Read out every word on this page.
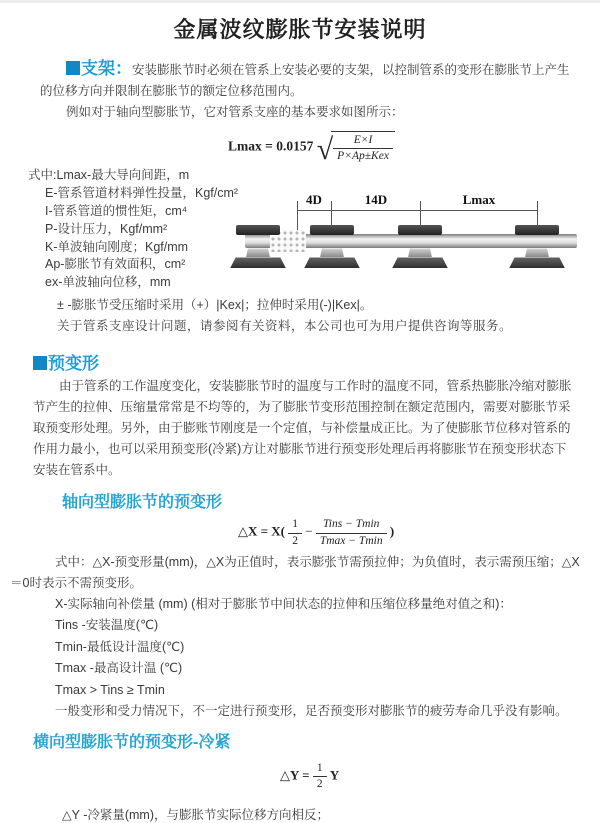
金属波纹膨胀节安装说明

支架：安装膨胀节时必须在管系上安装必要的支架，以控制管系的变形在膨胀节上产生的位移方向并限制在膨胀节的额定位移范围内。

例如对于轴向型膨胀节，它对管系支座的基本要求如图所示：

Lmax = 0.0157 √ $\frac{E\times I}{\text{P×Ap±Kex}}$
式中:Lmax-最大导向间距，m
E-管系管道材料弹性投量，Kgf/cm²
I-管系管道的惯性矩，cm⁴
P-设计压力，Kgf/mm²
K-单波轴向刚度；Kgf/mm
Ap-膨胀节有效面积，cm²
ex-单波轴向位移，mm
4D	14D	Lmax
± -膨胀节受压缩时采用（+）|Kex|；拉伸时采用(-)|Kex|。
关于管系支座设计问题，请参阅有关资料，本公司也可为用户提供咨询等服务。
预变形

由于管系的工作温度变化，安装膨胀节时的温度与工作时的温度不同，管系热膨胀冷缩对膨胀节产生的拉伸、压缩量常常是不均等的，为了膨胀节变形范围控制在额定范围内，需要对膨胀节采取预变形处理。另外，由于膨账节刚度是一个定值，与补偿量成正比。为了使膨胀节位移对管系的作用力最小，也可以采用预变形(冷紧)方让对膨胀节进行预变形处理后再将膨胀节在预变形状态下安装在管系中。

轴向型膨胀节的预变形
△X = $X( \frac{1}{2} - \frac{\text{Tins − Tmin}}{Tmax - Tmin}$ )
式中：△X-预变形量(mm)，△X为正值时，表示膨张节需预拉伸；为负值时，表示需预压缩；△X＝0时表示不需预变形。
X-实际轴向补偿量 (mm) (相对于膨胀节中间状态的拉伸和压缩位移量绝对值之和)：
Tins -安装温度(℃)
Tmin-最低设计温度(℃)
Tmax -最高设计温 (℃)
Tmax > Tins ≥ Tmin
一般变形和受力情况下，不一定进行预变形，足否预变形对膨胀节的疲劳寿命几乎没有影响。
横向型膨胀节的预变形-冷紧
△Y = $\frac{1}{2}$ Y
△Y -冷紧量(mm)，与膨胀节实际位移方向相反；
